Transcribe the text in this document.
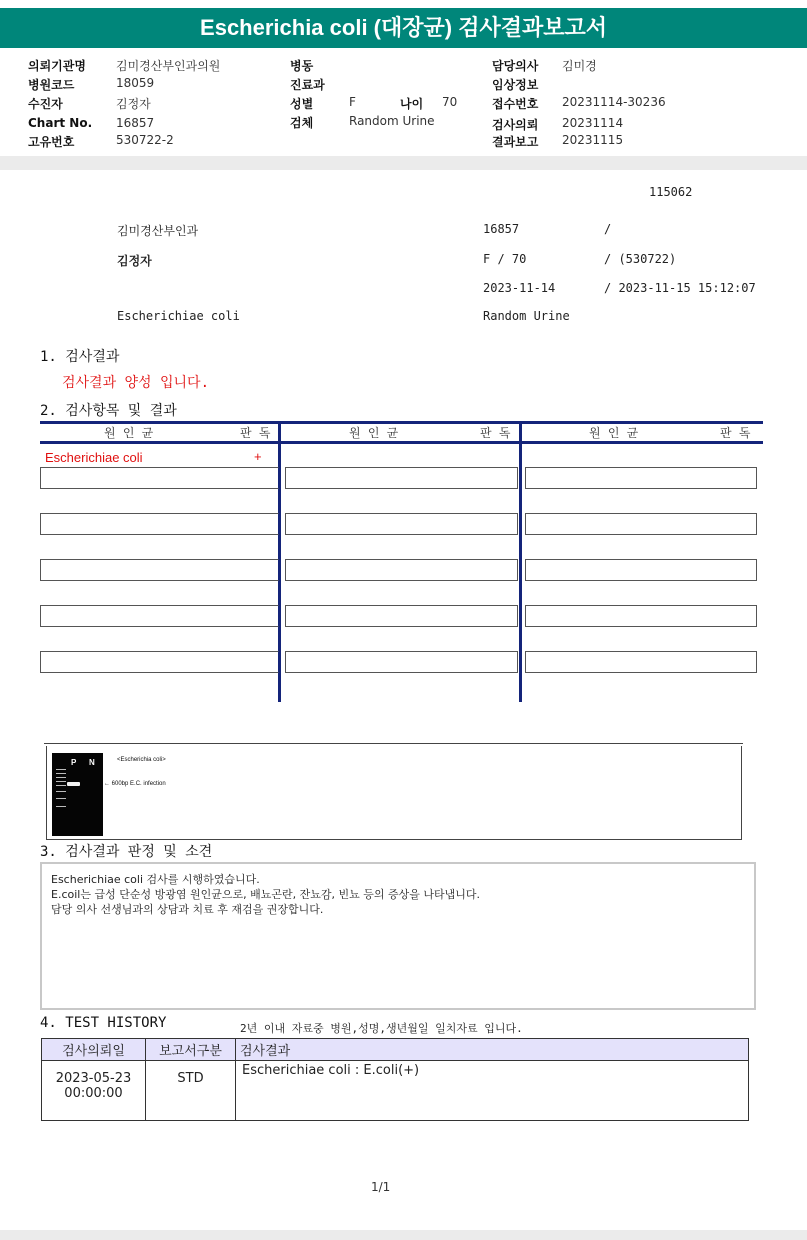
Escherichia coli (대장균) 검사결과보고서
의뢰기관명	김미경산부인과의원
병원코드	18059
수진자	김정자
Chart No. 16857
고유번호	530722-2
병동
진료과
성별	F	나이 70
검체	Random Urine
담당의사 김미경
임상정보
접수번호 20231114-30236
검사의뢰 20231114
결과보고 20231115
115062
김미경산부인과	16857	/
김정자	F / 70	/ (530722)
2023-11-14	/ 2023-11-15 15:12:07
Escherichiae coli	Random Urine
1. 검사결과
검사결과 양성 입니다.
2. 검사항목 및 결과
원 인 균	판 독	원 인 균	판 독	원 인 균	판 독
Escherichiae coli	+
P N	<Escherichia coli>
← 600bp E.C. infection
3. 검사결과 판정 및 소견
Escherichiae coli 검사를 시행하였습니다.
E.coil는 급성 단순성 방광염 원인균으로, 배뇨곤란, 잔뇨감, 빈뇨 등의 증상을 나타냅니다.
담당 의사 선생님과의 상담과 치료 후 재검을 권장합니다.
4. TEST HISTORY	2년 이내 자료중 병원,성명,생년월일 일치자료 입니다.
검사의뢰일	보고서구분	검사결과

2023-05-23
00:00:00	STD	Escherichiae coli : E.coli(+)
1/1
